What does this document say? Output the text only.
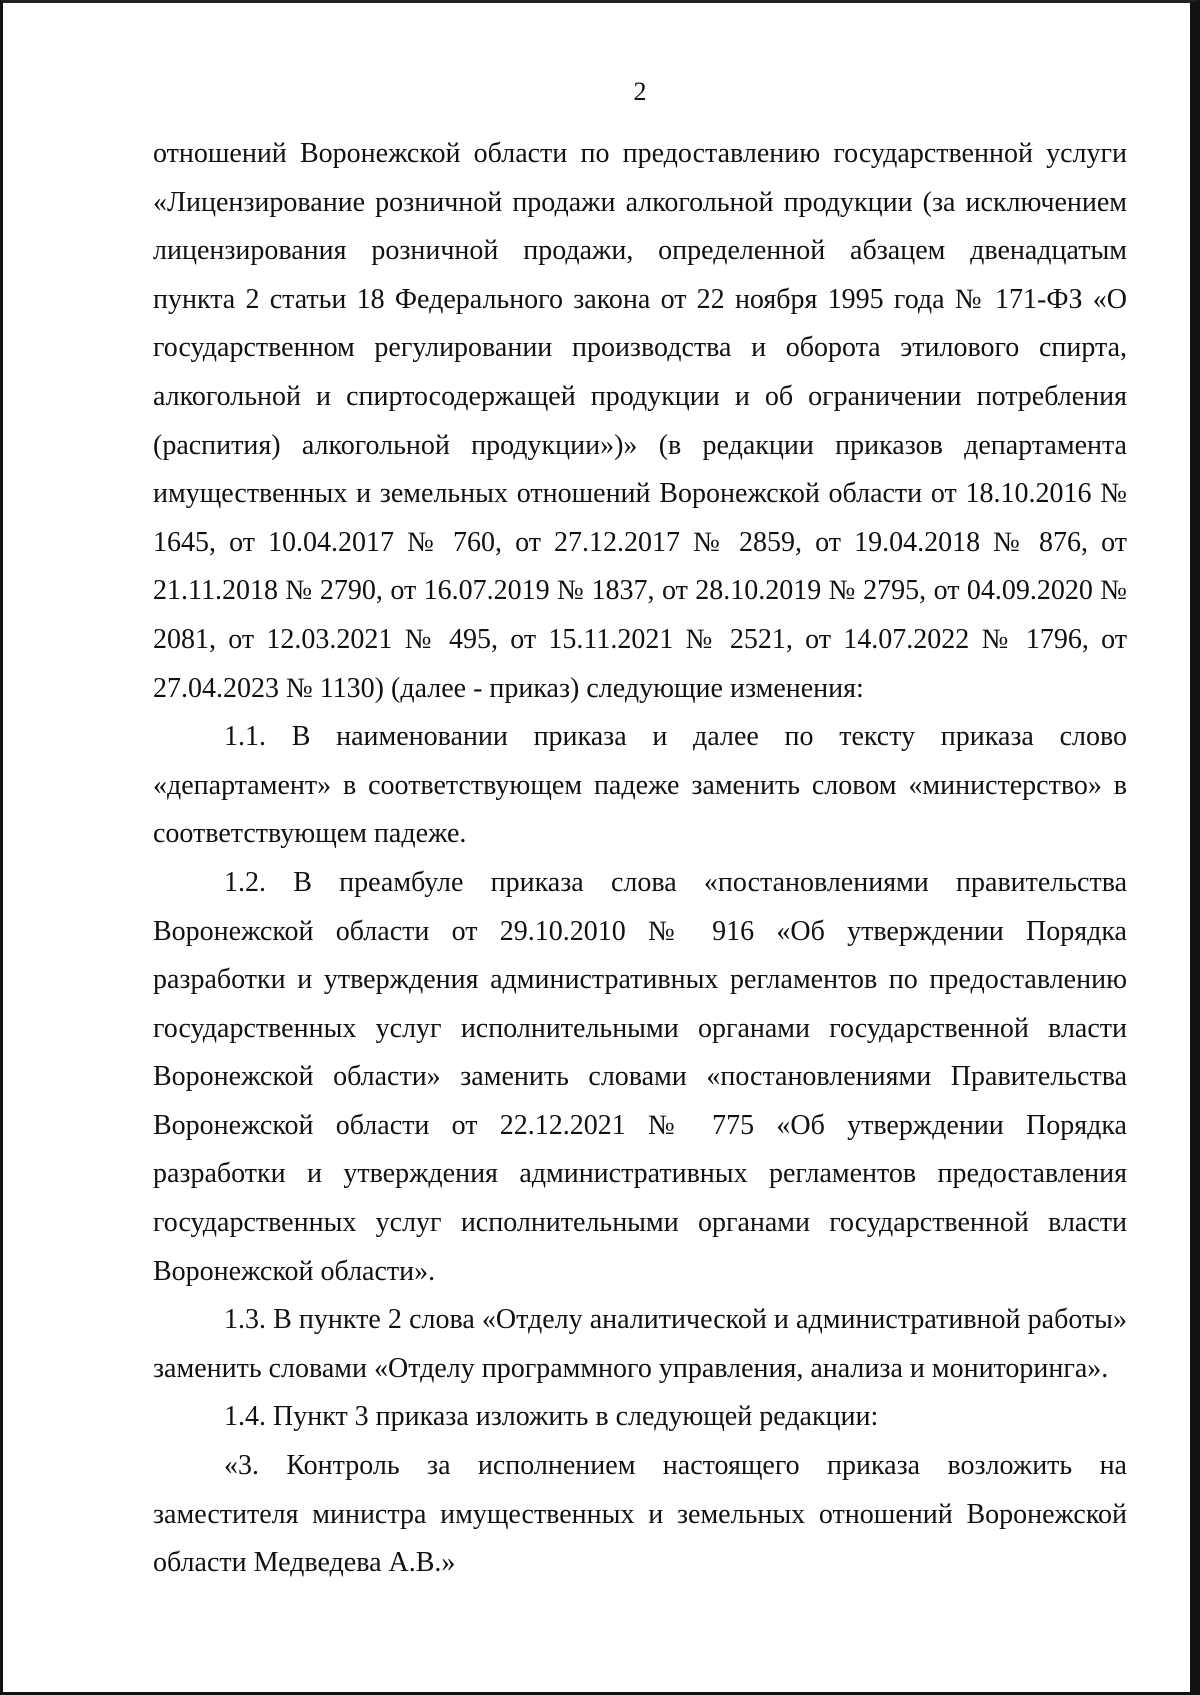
2

отношений Воронежской области по предоставлению государственной услуги «Лицензирование розничной продажи алкогольной продукции (за исключением лицензирования розничной продажи, определенной абзацем двенадцатым пункта 2 статьи 18 Федерального закона от 22 ноября 1995 года № 171-ФЗ «О государственном регулировании производства и оборота этилового спирта, алкогольной и спиртосодержащей продукции и об ограничении потребления (распития) алкогольной продукции»)» (в редакции приказов департамента имущественных и земельных отношений Воронежской области от 18.10.2016 № 1645, от 10.04.2017 № 760, от 27.12.2017 № 2859, от 19.04.2018 № 876, от 21.11.2018 № 2790, от 16.07.2019 № 1837, от 28.10.2019 № 2795, от 04.09.2020 № 2081, от 12.03.2021 № 495, от 15.11.2021 № 2521, от 14.07.2022 № 1796, от 27.04.2023 № 1130) (далее - приказ) следующие изменения:

1.1. В наименовании приказа и далее по тексту приказа слово «департамент» в соответствующем падеже заменить словом «министерство» в соответствующем падеже.

1.2. В преамбуле приказа слова «постановлениями правительства Воронежской области от 29.10.2010 № 916 «Об утверждении Порядка разработки и утверждения административных регламентов по предоставлению государственных услуг исполнительными органами государственной власти Воронежской области» заменить словами «постановлениями Правительства Воронежской области от 22.12.2021 № 775 «Об утверждении Порядка разработки и утверждения административных регламентов предоставления государственных услуг исполнительными органами государственной власти Воронежской области».

1.3. В пункте 2 слова «Отделу аналитической и административной работы» заменить словами «Отделу программного управления, анализа и мониторинга».

1.4. Пункт 3 приказа изложить в следующей редакции:

«3. Контроль за исполнением настоящего приказа возложить на заместителя министра имущественных и земельных отношений Воронежской области Медведева А.В.»
